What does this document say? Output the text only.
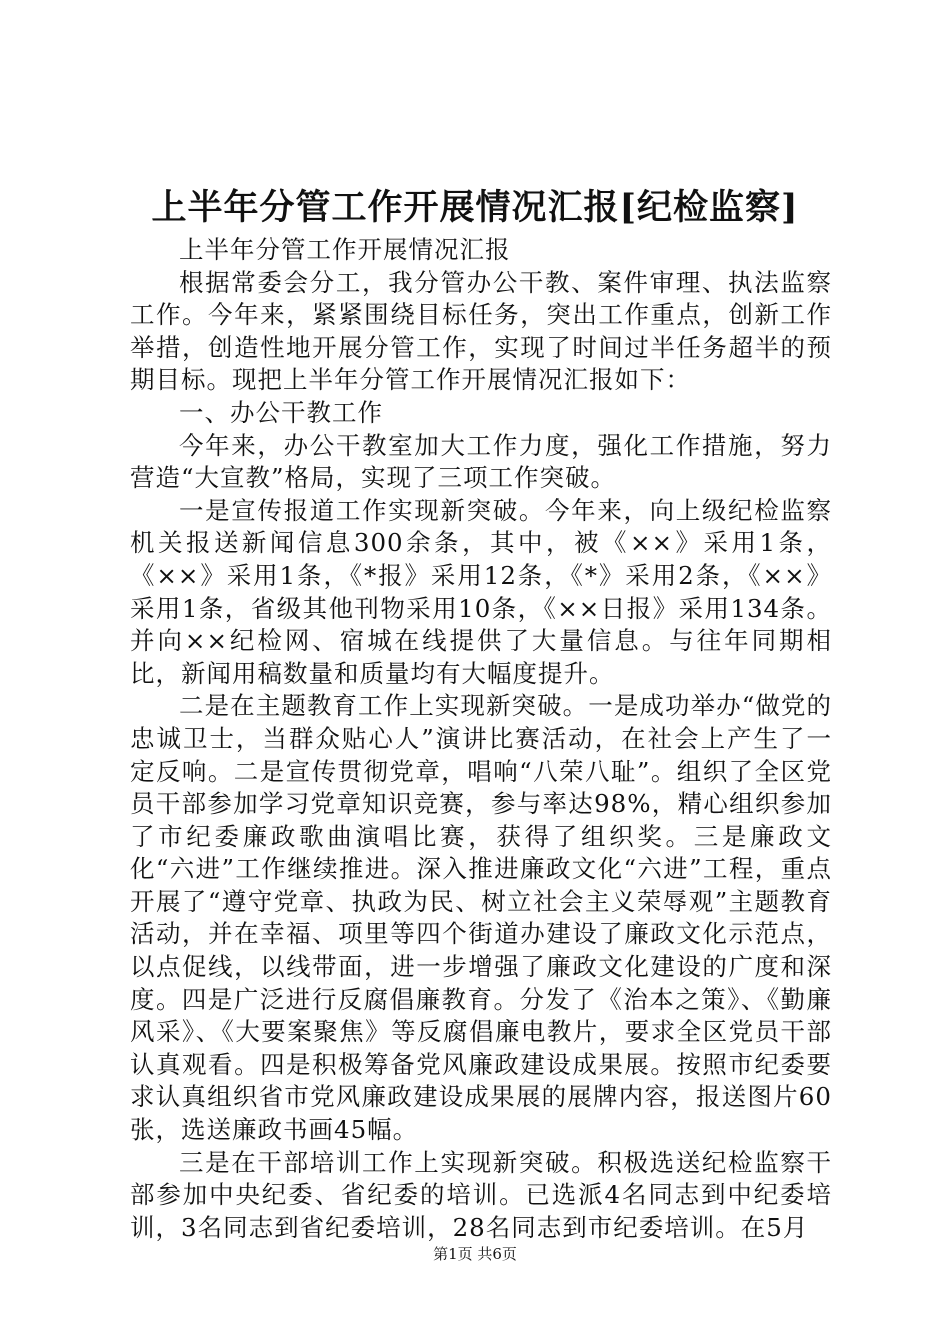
上半年分管工作开展情况汇报[纪检监察]

上半年分管工作开展情况汇报

根据常委会分工，我分管办公干教、案件审理、执法监察工作。今年来，紧紧围绕目标任务，突出工作重点，创新工作举措，创造性地开展分管工作，实现了时间过半任务超半的预期目标。现把上半年分管工作开展情况汇报如下：

一、办公干教工作

今年来，办公干教室加大工作力度，强化工作措施，努力营造“大宣教”格局，实现了三项工作突破。

一是宣传报道工作实现新突破。今年来，向上级纪检监察机关报送新闻信息300余条，其中，被《××》采用1条，《××》采用1条，《*报》采用12条，《*》采用2条，《××》采用1条，省级其他刊物采用10条，《××日报》采用134条。并向××纪检网、宿城在线提供了大量信息。与往年同期相比，新闻用稿数量和质量均有大幅度提升。

二是在主题教育工作上实现新突破。一是成功举办“做党的忠诚卫士，当群众贴心人”演讲比赛活动，在社会上产生了一定反响。二是宣传贯彻党章，唱响“八荣八耻”。组织了全区党员干部参加学习党章知识竞赛，参与率达98%，精心组织参加了市纪委廉政歌曲演唱比赛，获得了组织奖。三是廉政文化“六进”工作继续推进。深入推进廉政文化“六进”工程，重点开展了“遵守党章、执政为民、树立社会主义荣辱观”主题教育活动，并在幸福、项里等四个街道办建设了廉政文化示范点，以点促线，以线带面，进一步增强了廉政文化建设的广度和深度。四是广泛进行反腐倡廉教育。分发了《治本之策》、《勤廉风采》、《大要案聚焦》等反腐倡廉电教片，要求全区党员干部认真观看。四是积极筹备党风廉政建设成果展。按照市纪委要求认真组织省市党风廉政建设成果展的展牌内容，报送图片60张，选送廉政书画45幅。

三是在干部培训工作上实现新突破。积极选送纪检监察干部参加中央纪委、省纪委的培训。已选派4名同志到中纪委培训，3名同志到省纪委培训，28名同志到市纪委培训。在5月

第1页 共6页
